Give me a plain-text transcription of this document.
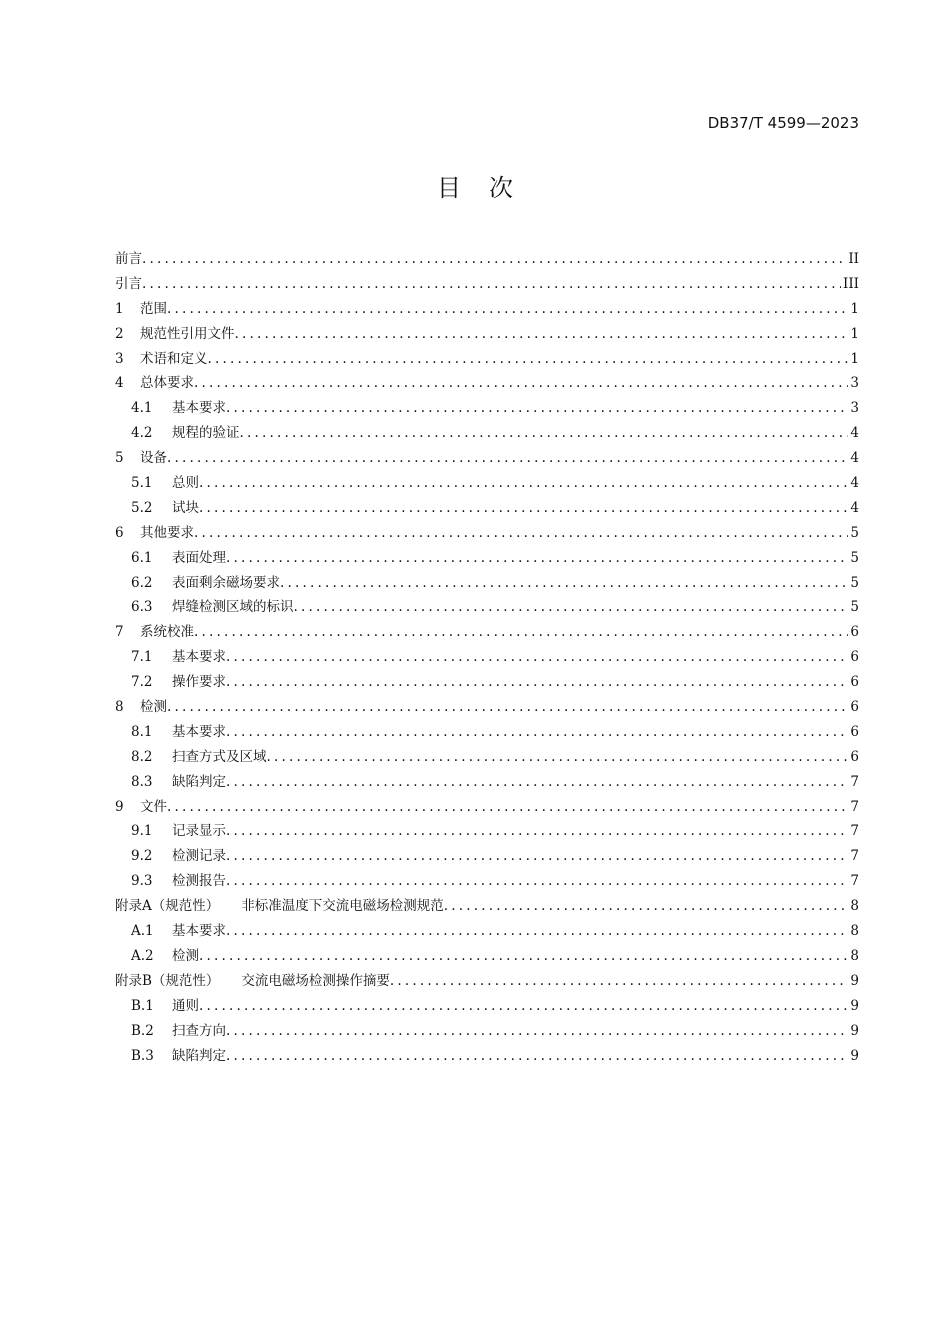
DB37/T 4599—2023
目次
前言 .....	II
引言 .....	III
1	范围 .....	1
2	规范性引用文件 .....	1
3	术语和定义 .....	1
4	总体要求 .....	3
4.1	基本要求 .....	3
4.2	规程的验证 .....	4
5	设备 .....	4
5.1	总则 .....	4
5.2	试块 .....	4
6	其他要求 .....	5
6.1	表面处理 .....	5
6.2	表面剩余磁场要求 .....	5
6.3	焊缝检测区域的标识 .....	5
7	系统校准 .....	6
7.1	基本要求 .....	6
7.2	操作要求 .....	6
8	检测 .....	6
8.1	基本要求 .....	6
8.2	扫查方式及区域 .....	6
8.3	缺陷判定 .....	7
9	文件 .....	7
9.1	记录显示 .....	7
9.2	检测记录 .....	7
9.3	检测报告 .....	7
附录A（规范性） 非标准温度下交流电磁场检测规范 .....	8
A.1	基本要求 .....	8
A.2	检测 .....	8
附录B（规范性） 交流电磁场检测操作摘要 .....	9
B.1	通则 .....	9
B.2	扫查方向 .....	9
B.3	缺陷判定 .....	9
